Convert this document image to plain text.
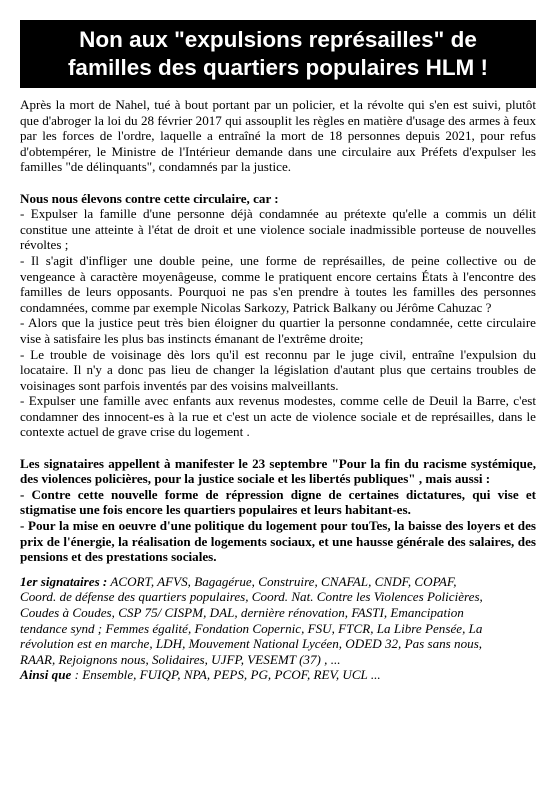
Non aux "expulsions représailles" de
familles des quartiers populaires HLM !

Après la mort de Nahel, tué à bout portant par un policier, et la révolte qui s'en est suivi, plutôt que d'abroger la loi du 28 février 2017 qui assouplit les règles en matière d'usage des armes à feux par les forces de l'ordre, laquelle a entraîné la mort de 18 personnes depuis 2021, pour refus d'obtempérer, le Ministre de l'Intérieur demande dans une circulaire aux Préfets d'expulser les familles "de délinquants", condamnés par la justice.

Nous nous élevons contre cette circulaire, car :

- Expulser la famille d'une personne déjà condamnée au prétexte qu'elle a commis un délit constitue une atteinte à l'état de droit et une violence sociale inadmissible porteuse de nouvelles révoltes ;

- Il s'agit d'infliger une double peine, une forme de représailles, de peine collective ou de vengeance à caractère moyenâgeuse, comme le pratiquent encore certains États à l'encontre des familles de leurs opposants. Pourquoi ne pas s'en prendre à toutes les familles des personnes condamnées, comme par exemple Nicolas Sarkozy, Patrick Balkany ou Jérôme Cahuzac ?

- Alors que la justice peut très bien éloigner du quartier la personne condamnée, cette circulaire vise à satisfaire les plus bas instincts émanant de l'extrême droite;

- Le trouble de voisinage dès lors qu'il est reconnu par le juge civil, entraîne l'expulsion du locataire. Il n'y a donc pas lieu de changer la législation d'autant plus que certains troubles de voisinages sont parfois inventés par des voisins malveillants.

- Expulser une famille avec enfants aux revenus modestes, comme celle de Deuil la Barre, c'est condamner des innocent-es à la rue et c'est un acte de violence sociale et de représailles, dans le contexte actuel de grave crise du logement .

Les signataires appellent à manifester le 23 septembre "Pour la fin du racisme systémique, des violences policières, pour la justice sociale et les libertés publiques" , mais aussi :

- Contre cette nouvelle forme de répression digne de certaines dictatures, qui vise et stigmatise une fois encore les quartiers populaires et leurs habitant-es.

- Pour la mise en oeuvre d'une politique du logement pour touTes, la baisse des loyers et des prix de l'énergie, la réalisation de logements sociaux, et une hausse générale des salaires, des pensions et des prestations sociales.

1er signataires : ACORT, AFVS, Bagagérue, Construire, CNAFAL, CNDF, COPAF,
Coord. de défense des quartiers populaires, Coord. Nat. Contre les Violences Policières,
Coudes à Coudes, CSP 75/ CISPM, DAL, dernière rénovation, FASTI, Emancipation
tendance synd ; Femmes égalité, Fondation Copernic, FSU, FTCR, La Libre Pensée, La
révolution est en marche, LDH, Mouvement National Lycéen, ODED 32, Pas sans nous,
RAAR, Rejoignons nous, Solidaires, UJFP, VESEMT (37) , ...
Ainsi que : Ensemble, FUIQP, NPA, PEPS, PG, PCOF, REV, UCL ...
